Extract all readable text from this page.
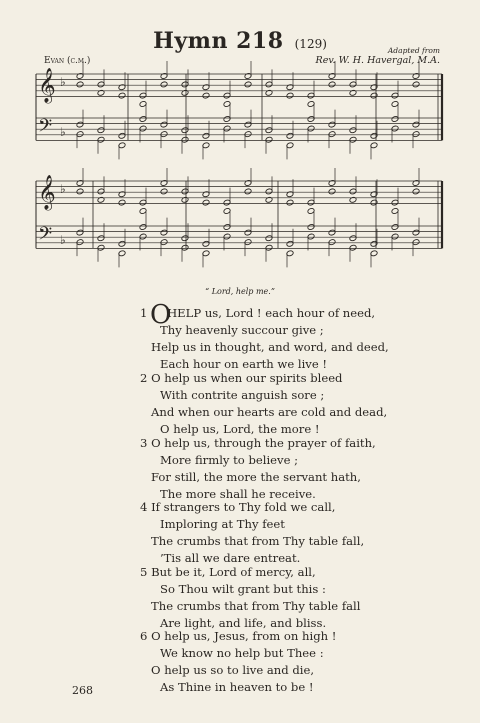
Hymn 218 (129)
Evan (c.m.)
Adapted from
Rev. W. H. Havergal, M.A.
𝄞
𝄢
♭
♭
𝄞
𝄢
♭
♭
“ Lord, help me.”
1
O
HELP us, Lord ! each hour of need,
Thy heavenly succour give ;
Help us in thought, and word, and deed,
Each hour on earth we live !
2 O help us when our spirits bleed
With contrite anguish sore ;
And when our hearts are cold and dead,
O help us, Lord, the more !
3 O help us, through the prayer of faith,
More firmly to believe ;
For still, the more the servant hath,
The more shall he receive.
4 If strangers to Thy fold we call,
Imploring at Thy feet
The crumbs that from Thy table fall,
’Tis all we dare entreat.
5 But be it, Lord of mercy, all,
So Thou wilt grant but this :
The crumbs that from Thy table fall
Are light, and life, and bliss.
6 O help us, Jesus, from on high !
We know no help but Thee :
O help us so to live and die,
As Thine in heaven to be !
268
